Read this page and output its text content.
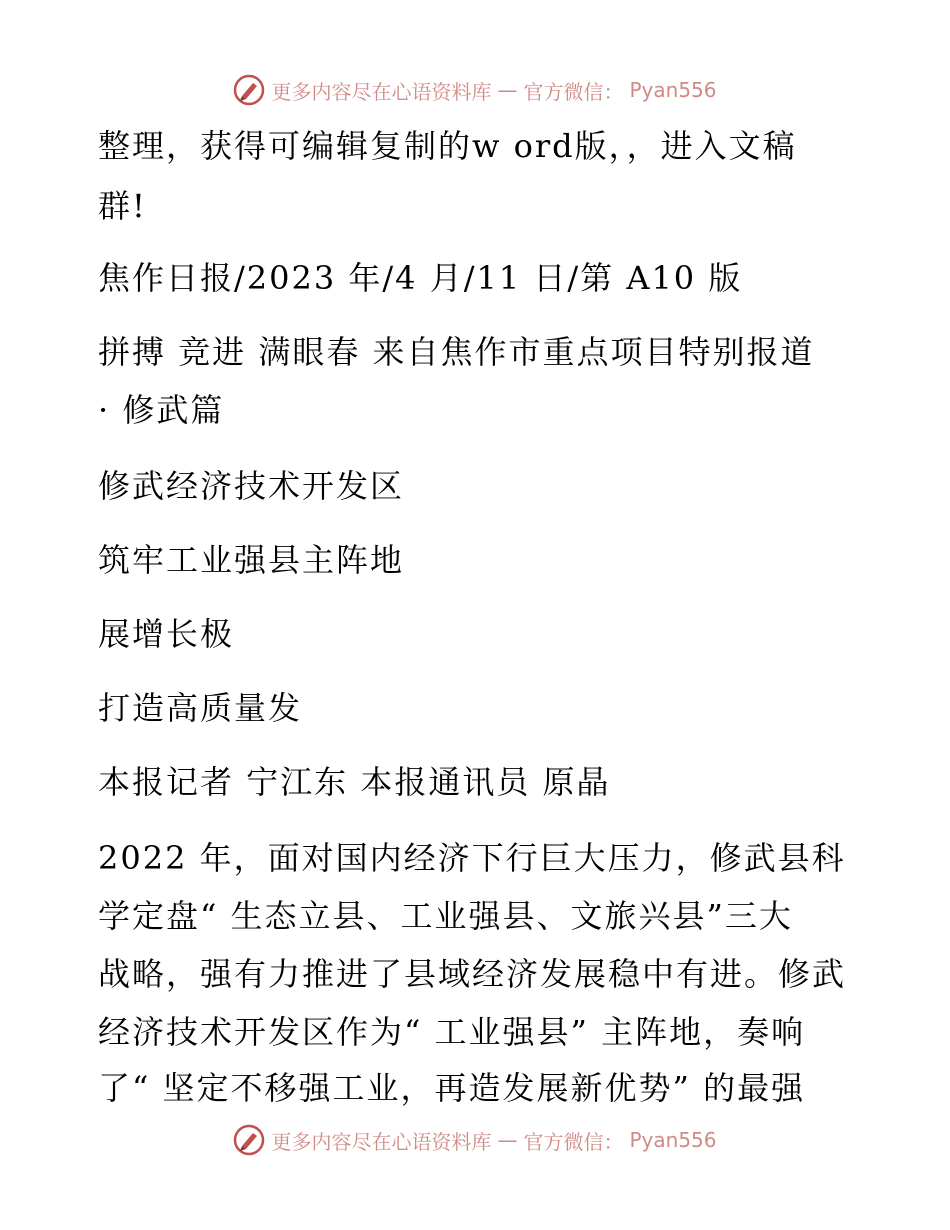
更多内容尽在心语资料库 — 官方微信： Pyan556
整理，获得可编辑复制的w ord版，，进入文稿
群!
焦作日报/2023 年/4 月/11 日/第 A10 版
拼搏 竞进 满眼春 来自焦作市重点项目特别报道
· 修武篇
修武经济技术开发区
筑牢工业强县主阵地
展增长极
打造高质量发
本报记者 宁江东 本报通讯员 原晶
2022 年，面对国内经济下行巨大压力，修武县科
学定盘“ 生态立县、工业强县、文旅兴县”三大
战略，强有力推进了县域经济发展稳中有进。修武
经济技术开发区作为“ 工业强县” 主阵地，奏响
了“ 坚定不移强工业，再造发展新优势” 的最强
更多内容尽在心语资料库 — 官方微信： Pyan556
